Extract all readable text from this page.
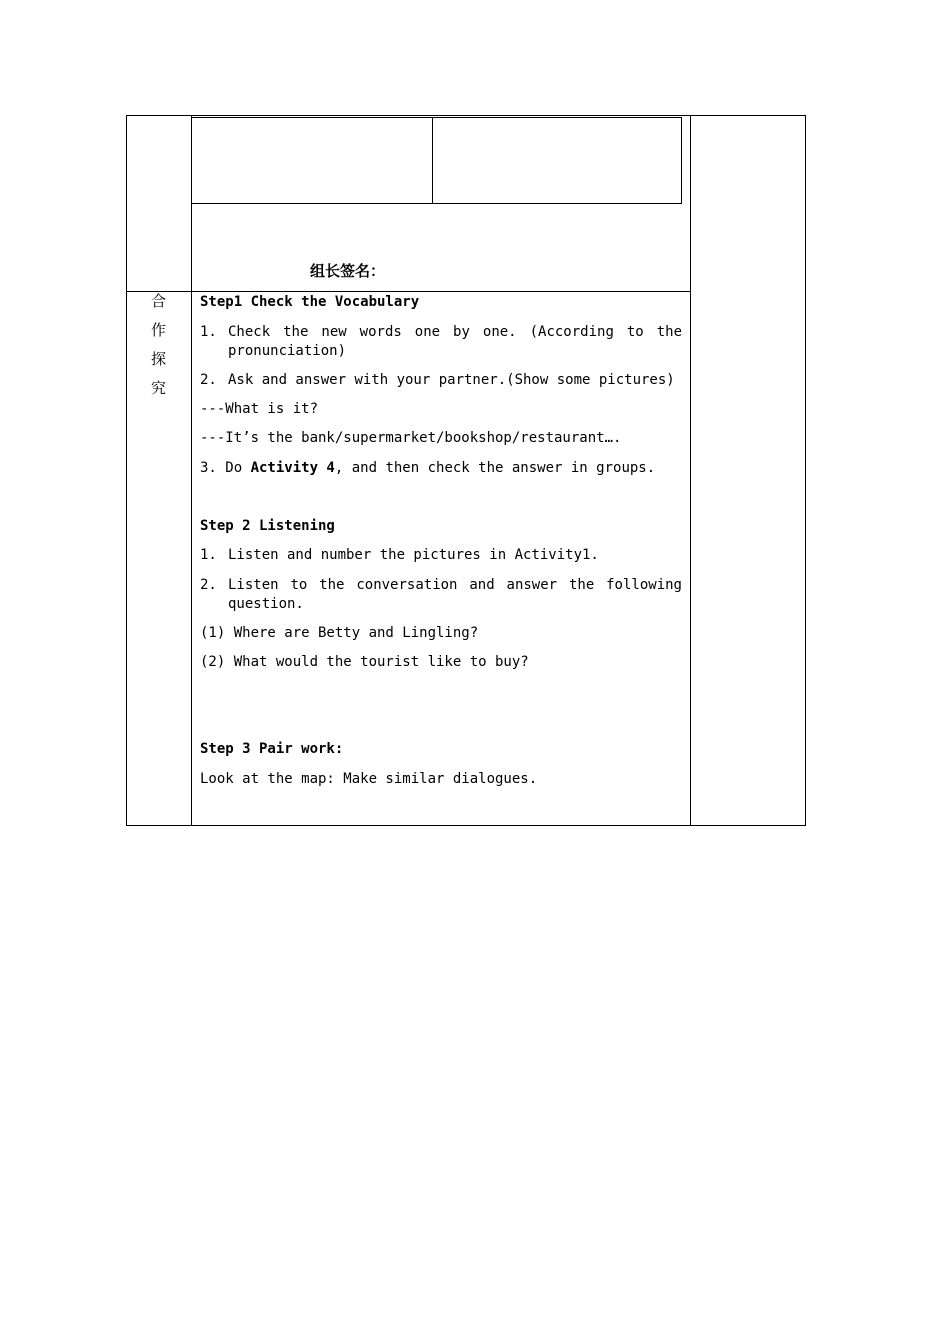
组长签名：
合
作
探
究
Step1 Check the Vocabulary
1. Check the new words one by one. (According to the
pronunciation)
2. Ask and answer with your partner.(Show some pictures)
---What is it?
---It’s the bank/supermarket/bookshop/restaurant….
3. Do Activity 4, and then check the answer in groups.
Step 2 Listening
1. Listen and number the pictures in Activity1.
2. Listen to the conversation and answer the following
question.
(1) Where are Betty and Lingling?
(2) What would the tourist like to buy?
Step 3 Pair work:
Look at the map: Make similar dialogues.
